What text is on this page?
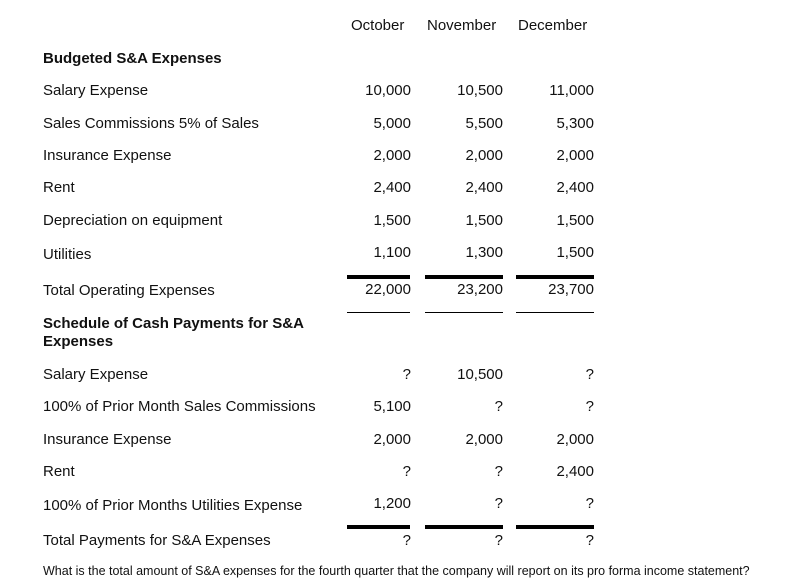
October November December
Budgeted S&A Expenses
Salary Expense	10,000	10,500	11,000
Sales Commissions 5% of Sales	5,000	5,500	5,300
Insurance Expense	2,000	2,000	2,000
Rent	2,400	2,400	2,400
Depreciation on equipment	1,500	1,500	1,500
Utilities	1,100	1,300	1,500
Total Operating Expenses	22,000	23,200	23,700
Schedule of Cash Payments for S&A
Expenses
Salary Expense	?	10,500	?
100% of Prior Month Sales Commissions	5,100	?	?
Insurance Expense	2,000	2,000	2,000
Rent	?	?	2,400
100% of Prior Months Utilities Expense	1,200	?	?
Total Payments for S&A Expenses	?	?	?
What is the total amount of S&A expenses for the fourth quarter that the company will report on its pro forma income statement?
